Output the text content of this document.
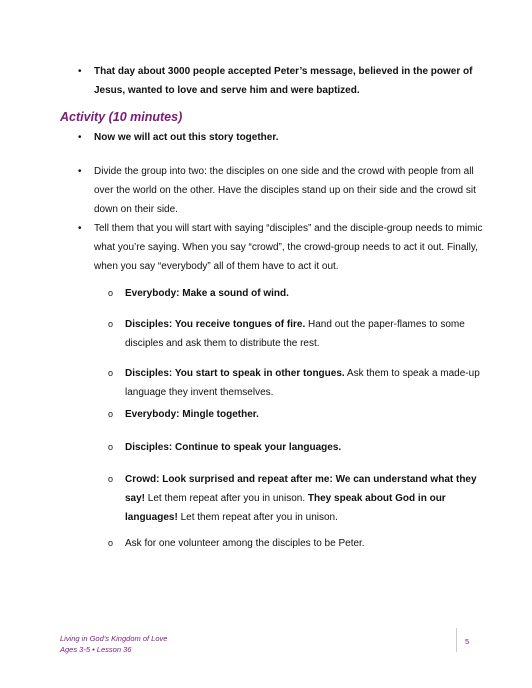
•	That day about 3000 people accepted Peter’s message, believed in the power of Jesus, wanted to love and serve him and were baptized.
Activity (10 minutes)
•	Now we will act out this story together.
•	Divide the group into two: the disciples on one side and the crowd with people from all over the world on the other. Have the disciples stand up on their side and the crowd sit down on their side.
•	Tell them that you will start with saying “disciples” and the disciple-group needs to mimic what you’re saying. When you say “crowd”, the crowd-group needs to act it out. Finally, when you say “everybody” all of them have to act it out.
o	Everybody: Make a sound of wind.
o	Disciples: You receive tongues of fire. Hand out the paper-flames to some disciples and ask them to distribute the rest.
o	Disciples: You start to speak in other tongues. Ask them to speak a made-up language they invent themselves.
o	Everybody: Mingle together.
o	Disciples: Continue to speak your languages.
o	Crowd: Look surprised and repeat after me: We can understand what they say! Let them repeat after you in unison. They speak about God in our languages! Let them repeat after you in unison.
o	Ask for one volunteer among the disciples to be Peter.
Living in God’s Kingdom of Love
Ages 3-5 • Lesson 36
5
